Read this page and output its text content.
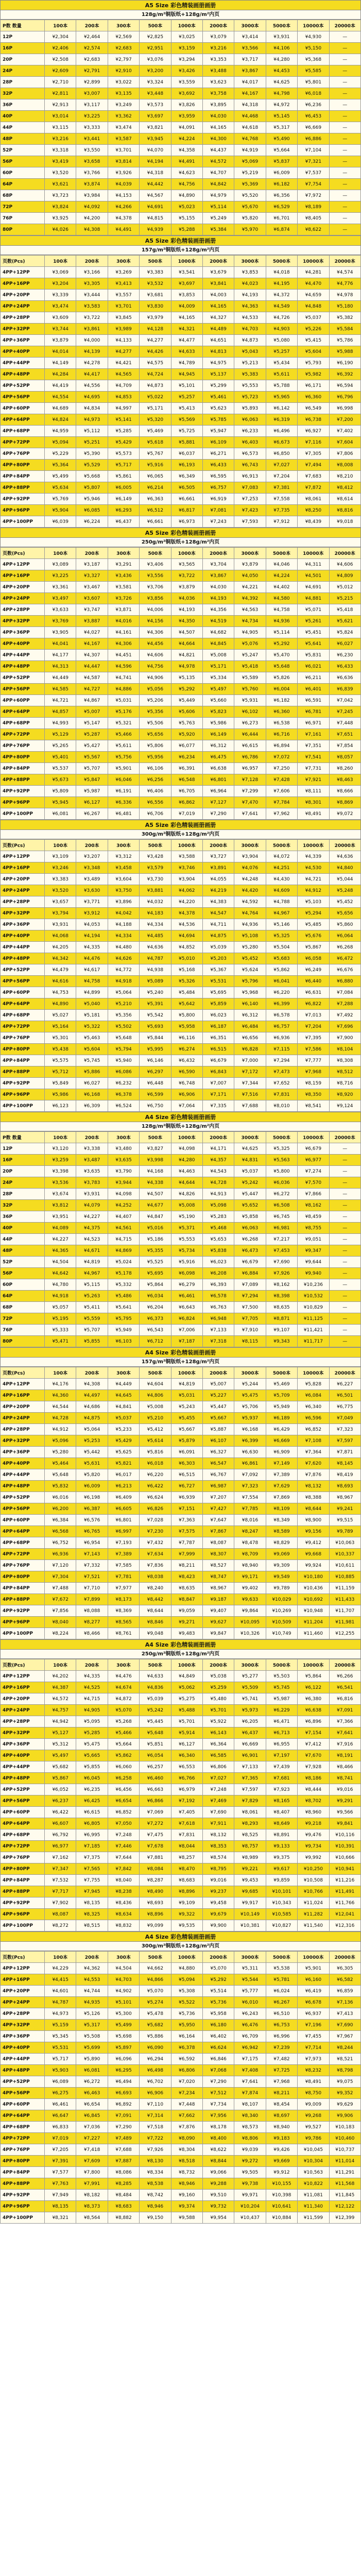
A5 Size 彩色精装画册画册
128g/m²铜版纸+128g/m²内页
P数 数量	100本	200本	300本	500本	1000本	2000本	3000本	5000本	10000本	20000本
12P	¥2,304	¥2,464	¥2,569	¥2,825	¥3,025	¥3,079	¥3,414	¥3,931	¥4,930	—
16P	¥2,406	¥2,574	¥2,683	¥2,951	¥3,159	¥3,216	¥3,566	¥4,106	¥5,150	—
20P	¥2,508	¥2,683	¥2,797	¥3,076	¥3,294	¥3,353	¥3,717	¥4,280	¥5,368	—
24P	¥2,609	¥2,791	¥2,910	¥3,200	¥3,426	¥3,488	¥3,867	¥4,453	¥5,585	—
28P	¥2,710	¥2,899	¥3,022	¥3,324	¥3,559	¥3,623	¥4,017	¥4,625	¥5,801	—
32P	¥2,811	¥3,007	¥3,135	¥3,448	¥3,692	¥3,758	¥4,167	¥4,798	¥6,018	—
36P	¥2,913	¥3,117	¥3,249	¥3,573	¥3,826	¥3,895	¥4,318	¥4,972	¥6,236	—
40P	¥3,014	¥3,225	¥3,362	¥3,697	¥3,959	¥4,030	¥4,468	¥5,145	¥6,453	—
44P	¥3,115	¥3,333	¥3,474	¥3,821	¥4,091	¥4,165	¥4,618	¥5,317	¥6,669	—
48P	¥3,216	¥3,441	¥3,587	¥3,945	¥4,224	¥4,300	¥4,768	¥5,490	¥6,886	—
52P	¥3,318	¥3,550	¥3,701	¥4,070	¥4,358	¥4,437	¥4,919	¥5,664	¥7,104	—
56P	¥3,419	¥3,658	¥3,814	¥4,194	¥4,491	¥4,572	¥5,069	¥5,837	¥7,321	—
60P	¥3,520	¥3,766	¥3,926	¥4,318	¥4,623	¥4,707	¥5,219	¥6,009	¥7,537	—
64P	¥3,621	¥3,874	¥4,039	¥4,442	¥4,756	¥4,842	¥5,369	¥6,182	¥7,754	—
68P	¥3,723	¥3,984	¥4,153	¥4,567	¥4,890	¥4,979	¥5,520	¥6,356	¥7,972	—
72P	¥3,824	¥4,092	¥4,266	¥4,691	¥5,023	¥5,114	¥5,670	¥6,529	¥8,189	—
76P	¥3,925	¥4,200	¥4,378	¥4,815	¥5,155	¥5,249	¥5,820	¥6,701	¥8,405	—
80P	¥4,026	¥4,308	¥4,491	¥4,939	¥5,288	¥5,384	¥5,970	¥6,874	¥8,622	—
A5 Size 彩色精装画册画册
157g/m²铜版纸+128g/m²内页
页数(Pcs)	100本	200本	300本	500本	1000本	2000本	3000本	5000本	10000本	20000本
4PP+12PP	¥3,069	¥3,166	¥3,269	¥3,383	¥3,541	¥3,679	¥3,853	¥4,018	¥4,281	¥4,574
4PP+16PP	¥3,204	¥3,305	¥3,413	¥3,532	¥3,697	¥3,841	¥4,023	¥4,195	¥4,470	¥4,776
4PP+20PP	¥3,339	¥3,444	¥3,557	¥3,681	¥3,853	¥4,003	¥4,193	¥4,372	¥4,659	¥4,978
4PP+24PP	¥3,474	¥3,583	¥3,701	¥3,830	¥4,009	¥4,165	¥4,363	¥4,549	¥4,848	¥5,180
4PP+28PP	¥3,609	¥3,722	¥3,845	¥3,979	¥4,165	¥4,327	¥4,533	¥4,726	¥5,037	¥5,382
4PP+32PP	¥3,744	¥3,861	¥3,989	¥4,128	¥4,321	¥4,489	¥4,703	¥4,903	¥5,226	¥5,584
4PP+36PP	¥3,879	¥4,000	¥4,133	¥4,277	¥4,477	¥4,651	¥4,873	¥5,080	¥5,415	¥5,786
4PP+40PP	¥4,014	¥4,139	¥4,277	¥4,426	¥4,633	¥4,813	¥5,043	¥5,257	¥5,604	¥5,988
4PP+44PP	¥4,149	¥4,278	¥4,421	¥4,575	¥4,789	¥4,975	¥5,213	¥5,434	¥5,793	¥6,190
4PP+48PP	¥4,284	¥4,417	¥4,565	¥4,724	¥4,945	¥5,137	¥5,383	¥5,611	¥5,982	¥6,392
4PP+52PP	¥4,419	¥4,556	¥4,709	¥4,873	¥5,101	¥5,299	¥5,553	¥5,788	¥6,171	¥6,594
4PP+56PP	¥4,554	¥4,695	¥4,853	¥5,022	¥5,257	¥5,461	¥5,723	¥5,965	¥6,360	¥6,796
4PP+60PP	¥4,689	¥4,834	¥4,997	¥5,171	¥5,413	¥5,623	¥5,893	¥6,142	¥6,549	¥6,998
4PP+64PP	¥4,824	¥4,973	¥5,141	¥5,320	¥5,569	¥5,785	¥6,063	¥6,319	¥6,738	¥7,200
4PP+68PP	¥4,959	¥5,112	¥5,285	¥5,469	¥5,725	¥5,947	¥6,233	¥6,496	¥6,927	¥7,402
4PP+72PP	¥5,094	¥5,251	¥5,429	¥5,618	¥5,881	¥6,109	¥6,403	¥6,673	¥7,116	¥7,604
4PP+76PP	¥5,229	¥5,390	¥5,573	¥5,767	¥6,037	¥6,271	¥6,573	¥6,850	¥7,305	¥7,806
4PP+80PP	¥5,364	¥5,529	¥5,717	¥5,916	¥6,193	¥6,433	¥6,743	¥7,027	¥7,494	¥8,008
4PP+84PP	¥5,499	¥5,668	¥5,861	¥6,065	¥6,349	¥6,595	¥6,913	¥7,204	¥7,683	¥8,210
4PP+88PP	¥5,634	¥5,807	¥6,005	¥6,214	¥6,505	¥6,757	¥7,083	¥7,381	¥7,872	¥8,412
4PP+92PP	¥5,769	¥5,946	¥6,149	¥6,363	¥6,661	¥6,919	¥7,253	¥7,558	¥8,061	¥8,614
4PP+96PP	¥5,904	¥6,085	¥6,293	¥6,512	¥6,817	¥7,081	¥7,423	¥7,735	¥8,250	¥8,816
4PP+100PP	¥6,039	¥6,224	¥6,437	¥6,661	¥6,973	¥7,243	¥7,593	¥7,912	¥8,439	¥9,018
A5 Size 彩色精装画册画册
250g/m²铜版纸+128g/m²内页
页数(Pcs)	100本	200本	300本	500本	1000本	2000本	3000本	5000本	10000本	20000本
4PP+12PP	¥3,089	¥3,187	¥3,291	¥3,406	¥3,565	¥3,704	¥3,879	¥4,046	¥4,311	¥4,606
4PP+16PP	¥3,225	¥3,327	¥3,436	¥3,556	¥3,722	¥3,867	¥4,050	¥4,224	¥4,501	¥4,809
4PP+20PP	¥3,361	¥3,467	¥3,581	¥3,706	¥3,879	¥4,030	¥4,221	¥4,402	¥4,691	¥5,012
4PP+24PP	¥3,497	¥3,607	¥3,726	¥3,856	¥4,036	¥4,193	¥4,392	¥4,580	¥4,881	¥5,215
4PP+28PP	¥3,633	¥3,747	¥3,871	¥4,006	¥4,193	¥4,356	¥4,563	¥4,758	¥5,071	¥5,418
4PP+32PP	¥3,769	¥3,887	¥4,016	¥4,156	¥4,350	¥4,519	¥4,734	¥4,936	¥5,261	¥5,621
4PP+36PP	¥3,905	¥4,027	¥4,161	¥4,306	¥4,507	¥4,682	¥4,905	¥5,114	¥5,451	¥5,824
4PP+40PP	¥4,041	¥4,167	¥4,306	¥4,456	¥4,664	¥4,845	¥5,076	¥5,292	¥5,641	¥6,027
4PP+44PP	¥4,177	¥4,307	¥4,451	¥4,606	¥4,821	¥5,008	¥5,247	¥5,470	¥5,831	¥6,230
4PP+48PP	¥4,313	¥4,447	¥4,596	¥4,756	¥4,978	¥5,171	¥5,418	¥5,648	¥6,021	¥6,433
4PP+52PP	¥4,449	¥4,587	¥4,741	¥4,906	¥5,135	¥5,334	¥5,589	¥5,826	¥6,211	¥6,636
4PP+56PP	¥4,585	¥4,727	¥4,886	¥5,056	¥5,292	¥5,497	¥5,760	¥6,004	¥6,401	¥6,839
4PP+60PP	¥4,721	¥4,867	¥5,031	¥5,206	¥5,449	¥5,660	¥5,931	¥6,182	¥6,591	¥7,042
4PP+64PP	¥4,857	¥5,007	¥5,176	¥5,356	¥5,606	¥5,823	¥6,102	¥6,360	¥6,781	¥7,245
4PP+68PP	¥4,993	¥5,147	¥5,321	¥5,506	¥5,763	¥5,986	¥6,273	¥6,538	¥6,971	¥7,448
4PP+72PP	¥5,129	¥5,287	¥5,466	¥5,656	¥5,920	¥6,149	¥6,444	¥6,716	¥7,161	¥7,651
4PP+76PP	¥5,265	¥5,427	¥5,611	¥5,806	¥6,077	¥6,312	¥6,615	¥6,894	¥7,351	¥7,854
4PP+80PP	¥5,401	¥5,567	¥5,756	¥5,956	¥6,234	¥6,475	¥6,786	¥7,072	¥7,541	¥8,057
4PP+84PP	¥5,537	¥5,707	¥5,901	¥6,106	¥6,391	¥6,638	¥6,957	¥7,250	¥7,731	¥8,260
4PP+88PP	¥5,673	¥5,847	¥6,046	¥6,256	¥6,548	¥6,801	¥7,128	¥7,428	¥7,921	¥8,463
4PP+92PP	¥5,809	¥5,987	¥6,191	¥6,406	¥6,705	¥6,964	¥7,299	¥7,606	¥8,111	¥8,666
4PP+96PP	¥5,945	¥6,127	¥6,336	¥6,556	¥6,862	¥7,127	¥7,470	¥7,784	¥8,301	¥8,869
4PP+100PP	¥6,081	¥6,267	¥6,481	¥6,706	¥7,019	¥7,290	¥7,641	¥7,962	¥8,491	¥9,072
A5 Size 彩色精装画册画册
300g/m²铜版纸+128g/m²内页
页数(Pcs)	100本	200本	300本	500本	1000本	2000本	3000本	5000本	10000本	20000本
4PP+12PP	¥3,109	¥3,207	¥3,312	¥3,428	¥3,588	¥3,727	¥3,904	¥4,072	¥4,339	¥4,636
4PP+16PP	¥3,246	¥3,348	¥3,458	¥3,579	¥3,746	¥3,891	¥4,076	¥4,251	¥4,530	¥4,840
4PP+20PP	¥3,383	¥3,489	¥3,604	¥3,730	¥3,904	¥4,055	¥4,248	¥4,430	¥4,721	¥5,044
4PP+24PP	¥3,520	¥3,630	¥3,750	¥3,881	¥4,062	¥4,219	¥4,420	¥4,609	¥4,912	¥5,248
4PP+28PP	¥3,657	¥3,771	¥3,896	¥4,032	¥4,220	¥4,383	¥4,592	¥4,788	¥5,103	¥5,452
4PP+32PP	¥3,794	¥3,912	¥4,042	¥4,183	¥4,378	¥4,547	¥4,764	¥4,967	¥5,294	¥5,656
4PP+36PP	¥3,931	¥4,053	¥4,188	¥4,334	¥4,536	¥4,711	¥4,936	¥5,146	¥5,485	¥5,860
4PP+40PP	¥4,068	¥4,194	¥4,334	¥4,485	¥4,694	¥4,875	¥5,108	¥5,325	¥5,676	¥6,064
4PP+44PP	¥4,205	¥4,335	¥4,480	¥4,636	¥4,852	¥5,039	¥5,280	¥5,504	¥5,867	¥6,268
4PP+48PP	¥4,342	¥4,476	¥4,626	¥4,787	¥5,010	¥5,203	¥5,452	¥5,683	¥6,058	¥6,472
4PP+52PP	¥4,479	¥4,617	¥4,772	¥4,938	¥5,168	¥5,367	¥5,624	¥5,862	¥6,249	¥6,676
4PP+56PP	¥4,616	¥4,758	¥4,918	¥5,089	¥5,326	¥5,531	¥5,796	¥6,041	¥6,440	¥6,880
4PP+60PP	¥4,753	¥4,899	¥5,064	¥5,240	¥5,484	¥5,695	¥5,968	¥6,220	¥6,631	¥7,084
4PP+64PP	¥4,890	¥5,040	¥5,210	¥5,391	¥5,642	¥5,859	¥6,140	¥6,399	¥6,822	¥7,288
4PP+68PP	¥5,027	¥5,181	¥5,356	¥5,542	¥5,800	¥6,023	¥6,312	¥6,578	¥7,013	¥7,492
4PP+72PP	¥5,164	¥5,322	¥5,502	¥5,693	¥5,958	¥6,187	¥6,484	¥6,757	¥7,204	¥7,696
4PP+76PP	¥5,301	¥5,463	¥5,648	¥5,844	¥6,116	¥6,351	¥6,656	¥6,936	¥7,395	¥7,900
4PP+80PP	¥5,438	¥5,604	¥5,794	¥5,995	¥6,274	¥6,515	¥6,828	¥7,115	¥7,586	¥8,104
4PP+84PP	¥5,575	¥5,745	¥5,940	¥6,146	¥6,432	¥6,679	¥7,000	¥7,294	¥7,777	¥8,308
4PP+88PP	¥5,712	¥5,886	¥6,086	¥6,297	¥6,590	¥6,843	¥7,172	¥7,473	¥7,968	¥8,512
4PP+92PP	¥5,849	¥6,027	¥6,232	¥6,448	¥6,748	¥7,007	¥7,344	¥7,652	¥8,159	¥8,716
4PP+96PP	¥5,986	¥6,168	¥6,378	¥6,599	¥6,906	¥7,171	¥7,516	¥7,831	¥8,350	¥8,920
4PP+100PP	¥6,123	¥6,309	¥6,524	¥6,750	¥7,064	¥7,335	¥7,688	¥8,010	¥8,541	¥9,124
A4 Size 彩色精装画册画册
128g/m²铜版纸+128g/m²内页
P数 数量	100本	200本	300本	500本	1000本	2000本	3000本	5000本	10000本	20000本
12P	¥3,120	¥3,338	¥3,480	¥3,827	¥4,098	¥4,171	¥4,625	¥5,325	¥6,679	—
16P	¥3,259	¥3,487	¥3,635	¥3,998	¥4,280	¥4,357	¥4,831	¥5,563	¥6,977	—
20P	¥3,398	¥3,635	¥3,790	¥4,168	¥4,463	¥4,543	¥5,037	¥5,800	¥7,274	—
24P	¥3,536	¥3,783	¥3,944	¥4,338	¥4,644	¥4,728	¥5,242	¥6,036	¥7,570	—
28P	¥3,674	¥3,931	¥4,098	¥4,507	¥4,826	¥4,913	¥5,447	¥6,272	¥7,866	—
32P	¥3,812	¥4,079	¥4,252	¥4,677	¥5,008	¥5,098	¥5,652	¥6,508	¥8,162	—
36P	¥3,951	¥4,227	¥4,407	¥4,847	¥5,190	¥5,283	¥5,858	¥6,745	¥8,459	—
40P	¥4,089	¥4,375	¥4,561	¥5,016	¥5,371	¥5,468	¥6,063	¥6,981	¥8,755	—
44P	¥4,227	¥4,523	¥4,715	¥5,186	¥5,553	¥5,653	¥6,268	¥7,217	¥9,051	—
48P	¥4,365	¥4,671	¥4,869	¥5,355	¥5,734	¥5,838	¥6,473	¥7,453	¥9,347	—
52P	¥4,504	¥4,819	¥5,024	¥5,525	¥5,916	¥6,023	¥6,679	¥7,690	¥9,644	—
56P	¥4,642	¥4,967	¥5,178	¥5,695	¥6,098	¥6,208	¥6,884	¥7,926	¥9,940	—
60P	¥4,780	¥5,115	¥5,332	¥5,864	¥6,279	¥6,393	¥7,089	¥8,162	¥10,236	—
64P	¥4,918	¥5,263	¥5,486	¥6,034	¥6,461	¥6,578	¥7,294	¥8,398	¥10,532	—
68P	¥5,057	¥5,411	¥5,641	¥6,204	¥6,643	¥6,763	¥7,500	¥8,635	¥10,829	—
72P	¥5,195	¥5,559	¥5,795	¥6,373	¥6,824	¥6,948	¥7,705	¥8,871	¥11,125	—
76P	¥5,333	¥5,707	¥5,949	¥6,543	¥7,006	¥7,133	¥7,910	¥9,107	¥11,421	—
80P	¥5,471	¥5,855	¥6,103	¥6,712	¥7,187	¥7,318	¥8,115	¥9,343	¥11,717	—
A4 Size 彩色精装画册画册
157g/m²铜版纸+128g/m²内页
页数(Pcs)	100本	200本	300本	500本	1000本	2000本	3000本	5000本	10000本	20000本
4PP+12PP	¥4,176	¥4,308	¥4,449	¥4,604	¥4,819	¥5,007	¥5,244	¥5,469	¥5,828	¥6,227
4PP+16PP	¥4,360	¥4,497	¥4,645	¥4,806	¥5,031	¥5,227	¥5,475	¥5,709	¥6,084	¥6,501
4PP+20PP	¥4,544	¥4,686	¥4,841	¥5,008	¥5,243	¥5,447	¥5,706	¥5,949	¥6,340	¥6,775
4PP+24PP	¥4,728	¥4,875	¥5,037	¥5,210	¥5,455	¥5,667	¥5,937	¥6,189	¥6,596	¥7,049
4PP+28PP	¥4,912	¥5,064	¥5,233	¥5,412	¥5,667	¥5,887	¥6,168	¥6,429	¥6,852	¥7,323
4PP+32PP	¥5,096	¥5,253	¥5,429	¥5,614	¥5,879	¥6,107	¥6,399	¥6,669	¥7,108	¥7,597
4PP+36PP	¥5,280	¥5,442	¥5,625	¥5,816	¥6,091	¥6,327	¥6,630	¥6,909	¥7,364	¥7,871
4PP+40PP	¥5,464	¥5,631	¥5,821	¥6,018	¥6,303	¥6,547	¥6,861	¥7,149	¥7,620	¥8,145
4PP+44PP	¥5,648	¥5,820	¥6,017	¥6,220	¥6,515	¥6,767	¥7,092	¥7,389	¥7,876	¥8,419
4PP+48PP	¥5,832	¥6,009	¥6,213	¥6,422	¥6,727	¥6,987	¥7,323	¥7,629	¥8,132	¥8,693
4PP+52PP	¥6,016	¥6,198	¥6,409	¥6,624	¥6,939	¥7,207	¥7,554	¥7,869	¥8,388	¥8,967
4PP+56PP	¥6,200	¥6,387	¥6,605	¥6,826	¥7,151	¥7,427	¥7,785	¥8,109	¥8,644	¥9,241
4PP+60PP	¥6,384	¥6,576	¥6,801	¥7,028	¥7,363	¥7,647	¥8,016	¥8,349	¥8,900	¥9,515
4PP+64PP	¥6,568	¥6,765	¥6,997	¥7,230	¥7,575	¥7,867	¥8,247	¥8,589	¥9,156	¥9,789
4PP+68PP	¥6,752	¥6,954	¥7,193	¥7,432	¥7,787	¥8,087	¥8,478	¥8,829	¥9,412	¥10,063
4PP+72PP	¥6,936	¥7,143	¥7,389	¥7,634	¥7,999	¥8,307	¥8,709	¥9,069	¥9,668	¥10,337
4PP+76PP	¥7,120	¥7,332	¥7,585	¥7,836	¥8,211	¥8,527	¥8,940	¥9,309	¥9,924	¥10,611
4PP+80PP	¥7,304	¥7,521	¥7,781	¥8,038	¥8,423	¥8,747	¥9,171	¥9,549	¥10,180	¥10,885
4PP+84PP	¥7,488	¥7,710	¥7,977	¥8,240	¥8,635	¥8,967	¥9,402	¥9,789	¥10,436	¥11,159
4PP+88PP	¥7,672	¥7,899	¥8,173	¥8,442	¥8,847	¥9,187	¥9,633	¥10,029	¥10,692	¥11,433
4PP+92PP	¥7,856	¥8,088	¥8,369	¥8,644	¥9,059	¥9,407	¥9,864	¥10,269	¥10,948	¥11,707
4PP+96PP	¥8,040	¥8,277	¥8,565	¥8,846	¥9,271	¥9,627	¥10,095	¥10,509	¥11,204	¥11,981
4PP+100PP	¥8,224	¥8,466	¥8,761	¥9,048	¥9,483	¥9,847	¥10,326	¥10,749	¥11,460	¥12,255
A4 Size 彩色精装画册画册
250g/m²铜版纸+128g/m²内页
页数(Pcs)	100本	200本	300本	500本	1000本	2000本	3000本	5000本	10000本	20000本
4PP+12PP	¥4,202	¥4,335	¥4,476	¥4,633	¥4,849	¥5,038	¥5,277	¥5,503	¥5,864	¥6,266
4PP+16PP	¥4,387	¥4,525	¥4,674	¥4,836	¥5,062	¥5,259	¥5,509	¥5,745	¥6,122	¥6,541
4PP+20PP	¥4,572	¥4,715	¥4,872	¥5,039	¥5,275	¥5,480	¥5,741	¥5,987	¥6,380	¥6,816
4PP+24PP	¥4,757	¥4,905	¥5,070	¥5,242	¥5,488	¥5,701	¥5,973	¥6,229	¥6,638	¥7,091
4PP+28PP	¥4,942	¥5,095	¥5,268	¥5,445	¥5,701	¥5,922	¥6,205	¥6,471	¥6,896	¥7,366
4PP+32PP	¥5,127	¥5,285	¥5,466	¥5,648	¥5,914	¥6,143	¥6,437	¥6,713	¥7,154	¥7,641
4PP+36PP	¥5,312	¥5,475	¥5,664	¥5,851	¥6,127	¥6,364	¥6,669	¥6,955	¥7,412	¥7,916
4PP+40PP	¥5,497	¥5,665	¥5,862	¥6,054	¥6,340	¥6,585	¥6,901	¥7,197	¥7,670	¥8,191
4PP+44PP	¥5,682	¥5,855	¥6,060	¥6,257	¥6,553	¥6,806	¥7,133	¥7,439	¥7,928	¥8,466
4PP+48PP	¥5,867	¥6,045	¥6,258	¥6,460	¥6,766	¥7,027	¥7,365	¥7,681	¥8,186	¥8,741
4PP+52PP	¥6,052	¥6,235	¥6,456	¥6,663	¥6,979	¥7,248	¥7,597	¥7,923	¥8,444	¥9,016
4PP+56PP	¥6,237	¥6,425	¥6,654	¥6,866	¥7,192	¥7,469	¥7,829	¥8,165	¥8,702	¥9,291
4PP+60PP	¥6,422	¥6,615	¥6,852	¥7,069	¥7,405	¥7,690	¥8,061	¥8,407	¥8,960	¥9,566
4PP+64PP	¥6,607	¥6,805	¥7,050	¥7,272	¥7,618	¥7,911	¥8,293	¥8,649	¥9,218	¥9,841
4PP+68PP	¥6,792	¥6,995	¥7,248	¥7,475	¥7,831	¥8,132	¥8,525	¥8,891	¥9,476	¥10,116
4PP+72PP	¥6,977	¥7,185	¥7,446	¥7,678	¥8,044	¥8,353	¥8,757	¥9,133	¥9,734	¥10,391
4PP+76PP	¥7,162	¥7,375	¥7,644	¥7,881	¥8,257	¥8,574	¥8,989	¥9,375	¥9,992	¥10,666
4PP+80PP	¥7,347	¥7,565	¥7,842	¥8,084	¥8,470	¥8,795	¥9,221	¥9,617	¥10,250	¥10,941
4PP+84PP	¥7,532	¥7,755	¥8,040	¥8,287	¥8,683	¥9,016	¥9,453	¥9,859	¥10,508	¥11,216
4PP+88PP	¥7,717	¥7,945	¥8,238	¥8,490	¥8,896	¥9,237	¥9,685	¥10,101	¥10,766	¥11,491
4PP+92PP	¥7,902	¥8,135	¥8,436	¥8,693	¥9,109	¥9,458	¥9,917	¥10,343	¥11,024	¥11,766
4PP+96PP	¥8,087	¥8,325	¥8,634	¥8,896	¥9,322	¥9,679	¥10,149	¥10,585	¥11,282	¥12,041
4PP+100PP	¥8,272	¥8,515	¥8,832	¥9,099	¥9,535	¥9,900	¥10,381	¥10,827	¥11,540	¥12,316
A4 Size 彩色精装画册画册
300g/m²铜版纸+128g/m²内页
页数(Pcs)	100本	200本	300本	500本	1000本	2000本	3000本	5000本	10000本	20000本
4PP+12PP	¥4,229	¥4,362	¥4,504	¥4,662	¥4,880	¥5,070	¥5,311	¥5,538	¥5,901	¥6,305
4PP+16PP	¥4,415	¥4,553	¥4,703	¥4,866	¥5,094	¥5,292	¥5,544	¥5,781	¥6,160	¥6,582
4PP+20PP	¥4,601	¥4,744	¥4,902	¥5,070	¥5,308	¥5,514	¥5,777	¥6,024	¥6,419	¥6,859
4PP+24PP	¥4,787	¥4,935	¥5,101	¥5,274	¥5,522	¥5,736	¥6,010	¥6,267	¥6,678	¥7,136
4PP+28PP	¥4,973	¥5,126	¥5,300	¥5,478	¥5,736	¥5,958	¥6,243	¥6,510	¥6,937	¥7,413
4PP+32PP	¥5,159	¥5,317	¥5,499	¥5,682	¥5,950	¥6,180	¥6,476	¥6,753	¥7,196	¥7,690
4PP+36PP	¥5,345	¥5,508	¥5,698	¥5,886	¥6,164	¥6,402	¥6,709	¥6,996	¥7,455	¥7,967
4PP+40PP	¥5,531	¥5,699	¥5,897	¥6,090	¥6,378	¥6,624	¥6,942	¥7,239	¥7,714	¥8,244
4PP+44PP	¥5,717	¥5,890	¥6,096	¥6,294	¥6,592	¥6,846	¥7,175	¥7,482	¥7,973	¥8,521
4PP+48PP	¥5,903	¥6,081	¥6,295	¥6,498	¥6,806	¥7,068	¥7,408	¥7,725	¥8,232	¥8,798
4PP+52PP	¥6,089	¥6,272	¥6,494	¥6,702	¥7,020	¥7,290	¥7,641	¥7,968	¥8,491	¥9,075
4PP+56PP	¥6,275	¥6,463	¥6,693	¥6,906	¥7,234	¥7,512	¥7,874	¥8,211	¥8,750	¥9,352
4PP+60PP	¥6,461	¥6,654	¥6,892	¥7,110	¥7,448	¥7,734	¥8,107	¥8,454	¥9,009	¥9,629
4PP+64PP	¥6,647	¥6,845	¥7,091	¥7,314	¥7,662	¥7,956	¥8,340	¥8,697	¥9,268	¥9,906
4PP+68PP	¥6,833	¥7,036	¥7,290	¥7,518	¥7,876	¥8,178	¥8,573	¥8,940	¥9,527	¥10,183
4PP+72PP	¥7,019	¥7,227	¥7,489	¥7,722	¥8,090	¥8,400	¥8,806	¥9,183	¥9,786	¥10,460
4PP+76PP	¥7,205	¥7,418	¥7,688	¥7,926	¥8,304	¥8,622	¥9,039	¥9,426	¥10,045	¥10,737
4PP+80PP	¥7,391	¥7,609	¥7,887	¥8,130	¥8,518	¥8,844	¥9,272	¥9,669	¥10,304	¥11,014
4PP+84PP	¥7,577	¥7,800	¥8,086	¥8,334	¥8,732	¥9,066	¥9,505	¥9,912	¥10,563	¥11,291
4PP+88PP	¥7,763	¥7,991	¥8,285	¥8,538	¥8,946	¥9,288	¥9,738	¥10,155	¥10,822	¥11,568
4PP+92PP	¥7,949	¥8,182	¥8,484	¥8,742	¥9,160	¥9,510	¥9,971	¥10,398	¥11,081	¥11,845
4PP+96PP	¥8,135	¥8,373	¥8,683	¥8,946	¥9,374	¥9,732	¥10,204	¥10,641	¥11,340	¥12,122
4PP+100PP	¥8,321	¥8,564	¥8,882	¥9,150	¥9,588	¥9,954	¥10,437	¥10,884	¥11,599	¥12,399
